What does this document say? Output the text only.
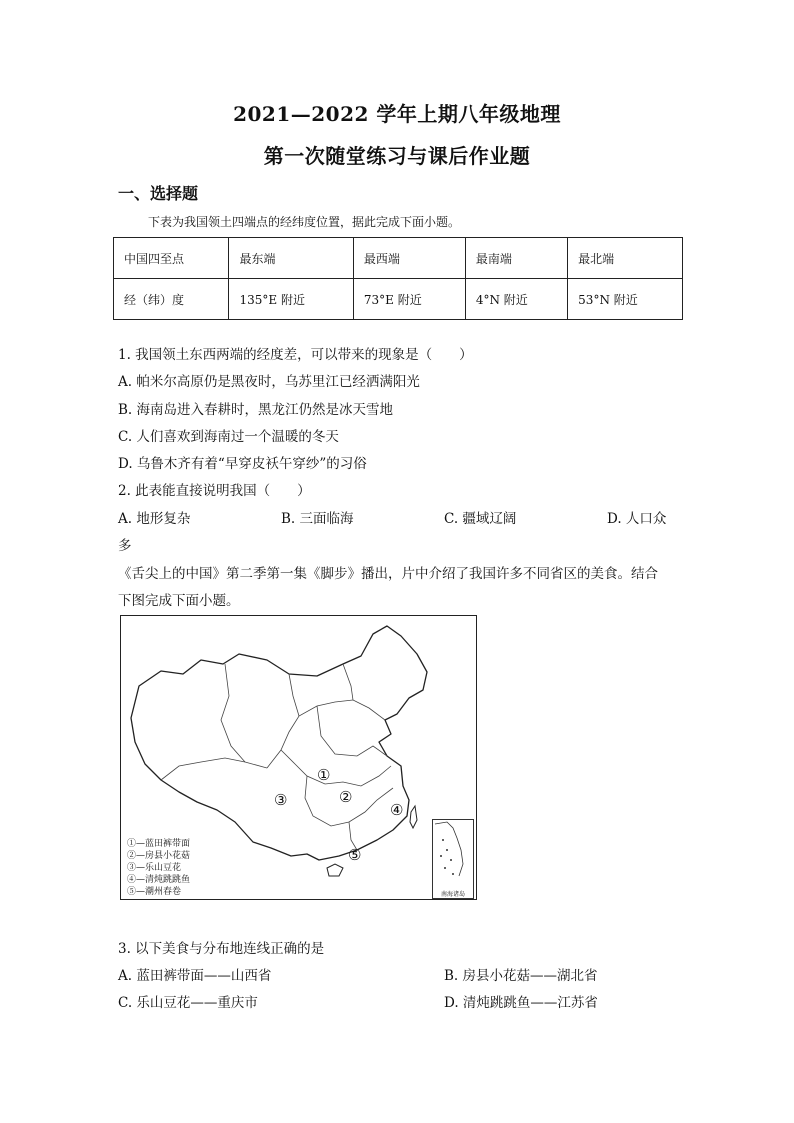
2021—2022 学年上期八年级地理
第一次随堂练习与课后作业题
一、选择题
下表为我国领土四端点的经纬度位置，据此完成下面小题。
中国四至点	最东端	最西端	最南端	最北端
经（纬）度	135°E 附近	73°E 附近	4°N 附近	53°N 附近
1. 我国领土东西两端的经度差，可以带来的现象是（　　）
A. 帕米尔高原仍是黑夜时，乌苏里江已经洒满阳光
B. 海南岛进入春耕时，黑龙江仍然是冰天雪地
C. 人们喜欢到海南过一个温暖的冬天
D. 乌鲁木齐有着“早穿皮袄午穿纱”的习俗
2. 此表能直接说明我国（　　）
A. 地形复杂	B. 三面临海	C. 疆域辽阔	D. 人口众
多
《舌尖上的中国》第二季第一集《脚步》播出，片中介绍了我国许多不同省区的美食。结合
下图完成下面小题。
①
②
③
④
⑤
①—蓝田裤带面
②—房县小花菇
③—乐山豆花
④—清炖跳跳鱼
⑤—潮州春卷	南海诸岛
3. 以下美食与分布地连线正确的是
A. 蓝田裤带面——山西省	B. 房县小花菇——湖北省
C. 乐山豆花——重庆市	D. 清炖跳跳鱼——江苏省
